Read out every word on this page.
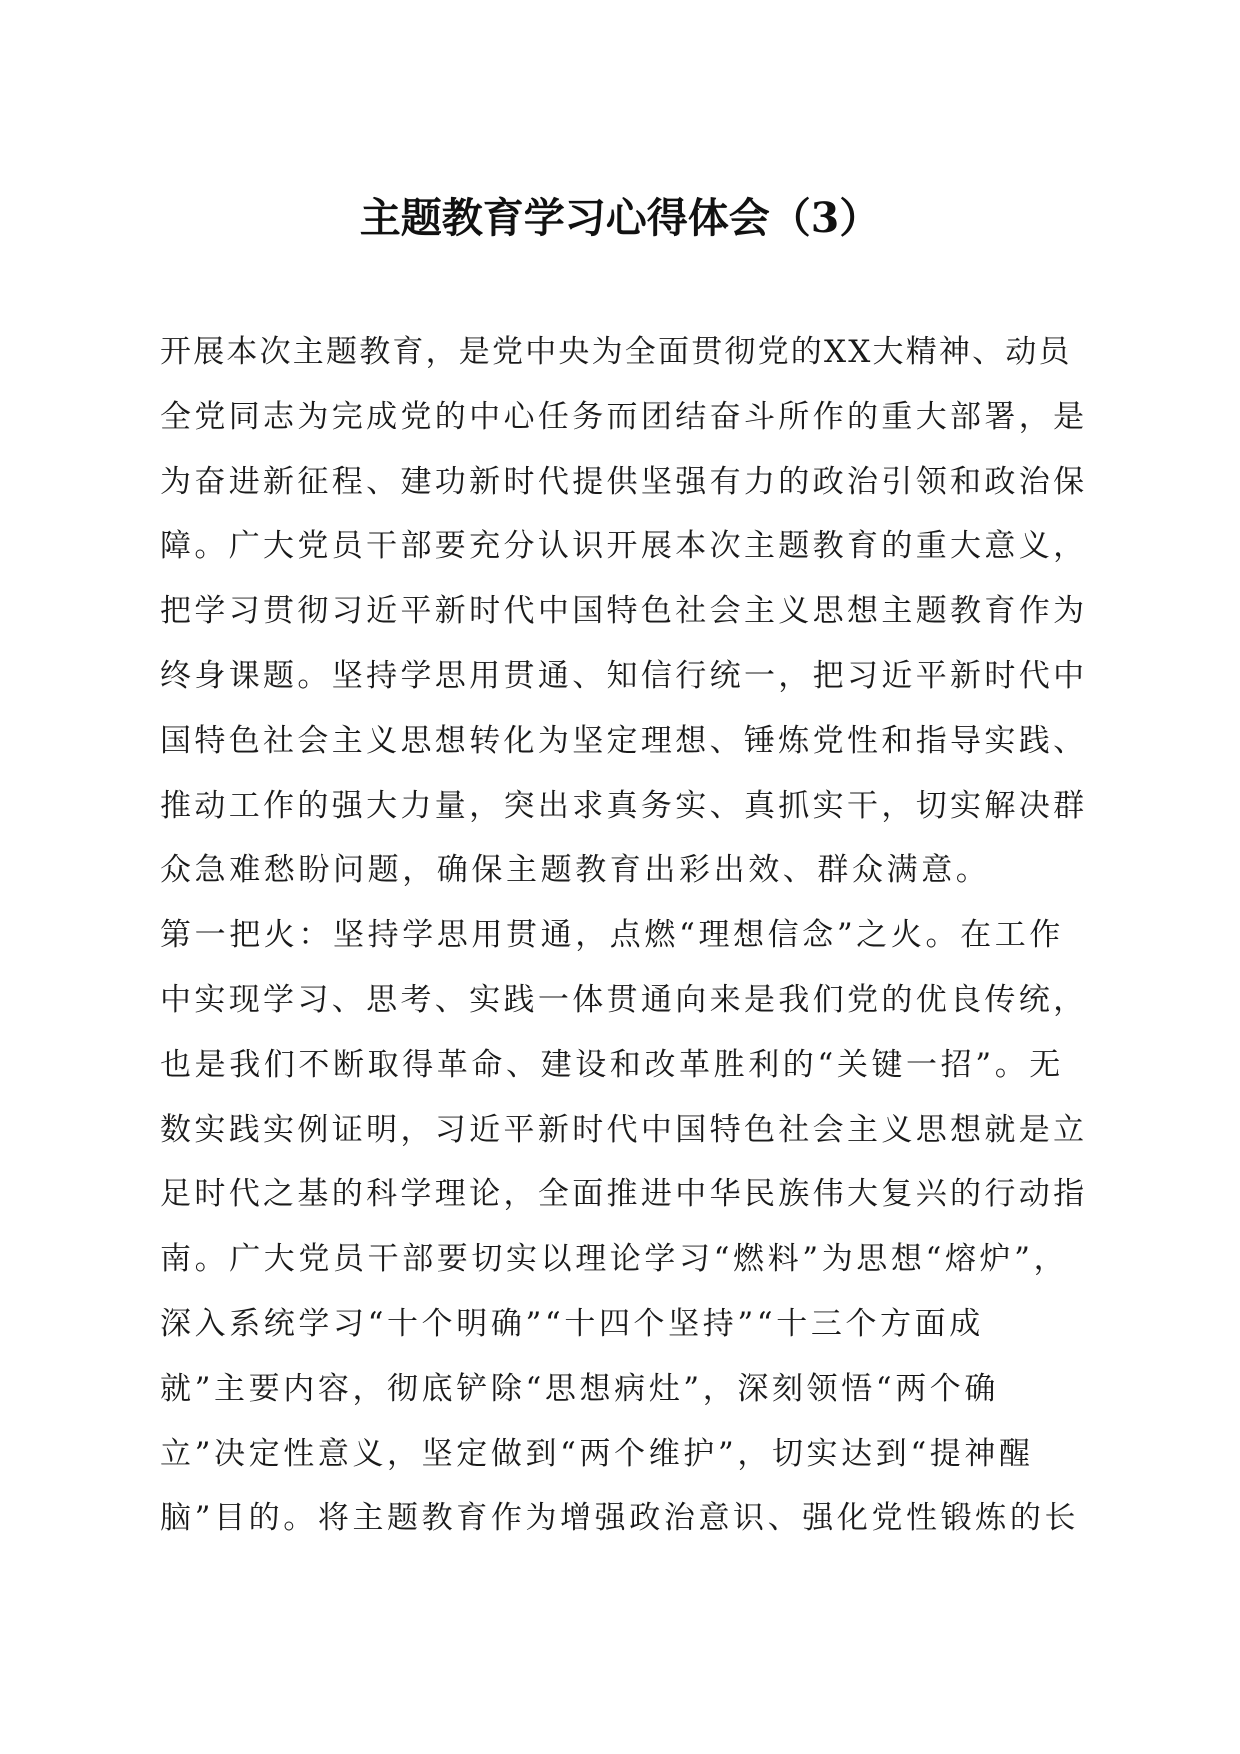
主题教育学习心得体会（3）
开展本次主题教育，是党中央为全面贯彻党的XX大精神、动员
全党同志为完成党的中心任务而团结奋斗所作的重大部署，是
为奋进新征程、建功新时代提供坚强有力的政治引领和政治保
障。广大党员干部要充分认识开展本次主题教育的重大意义，
把学习贯彻习近平新时代中国特色社会主义思想主题教育作为
终身课题。坚持学思用贯通、知信行统一，把习近平新时代中
国特色社会主义思想转化为坚定理想、锤炼党性和指导实践、
推动工作的强大力量，突出求真务实、真抓实干，切实解决群
众急难愁盼问题，确保主题教育出彩出效、群众满意。
第一把火：坚持学思用贯通，点燃“理想信念”之火。在工作
中实现学习、思考、实践一体贯通向来是我们党的优良传统，
也是我们不断取得革命、建设和改革胜利的“关键一招”。无
数实践实例证明，习近平新时代中国特色社会主义思想就是立
足时代之基的科学理论，全面推进中华民族伟大复兴的行动指
南。广大党员干部要切实以理论学习“燃料”为思想“熔炉”，
深入系统学习“十个明确”“十四个坚持”“十三个方面成
就”主要内容，彻底铲除“思想病灶”，深刻领悟“两个确
立”决定性意义，坚定做到“两个维护”，切实达到“提神醒
脑”目的。将主题教育作为增强政治意识、强化党性锻炼的长
